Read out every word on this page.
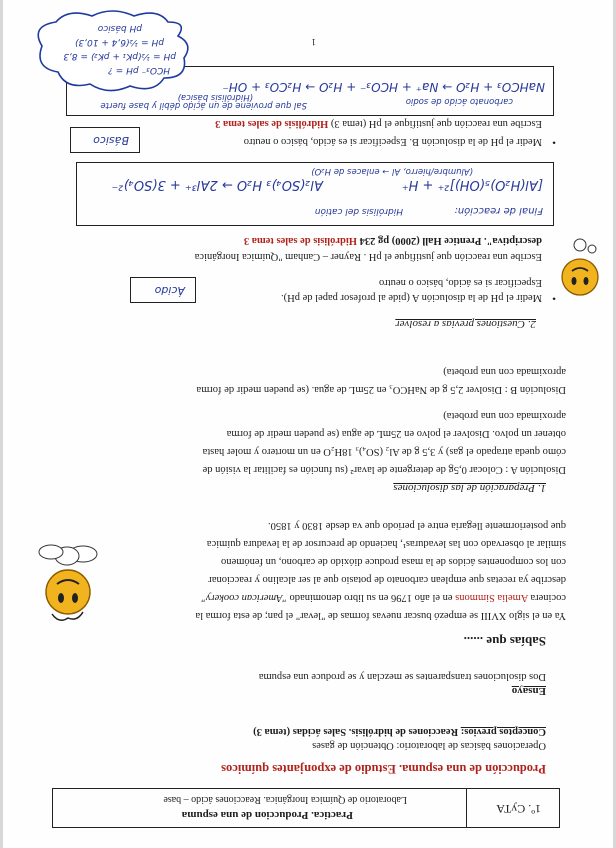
1º. CyTA
Practica. Produccion de una espuma
Laboratorio de Química Inorgánica. Reacciones ácido – base
Producción de una espuma. Estudio de exponjantes químicos
Operaciones básicas de laboratorio: Obtención de gases
Conceptos previos: Reacciones de hidrólisis. Sales ácidas (tema 3)
Ensayo
Dos disoluciones transparentes se mezclan y se produce una espuma
Sabías que ......
Ya en el siglo XVIII se empezó buscar nuevas formas de "levar" el pan; de esta forma la
cocinera Amelia Simmons en el año 1796 en su libro denominado "American cookery"
describe ya recetas que emplean carbonato de potasio que al ser alcalino y reaccionar
con los componentes ácidos de la masa produce dióxido de carbono, un fenómeno
similar al observado con las levaduras¹, haciendo de precursor de la levadura química
que posteriormente llegaría entre el periodo que va desde 1830 y 1850.
1. Preparación de las disoluciones
Disolución A : Colocar 0,5g de detergente de lavar² (su función es facilitar la visión de
cómo queda atrapado el gas) y 3,5 g de Al₂ (SO₄)₃ 18H₂O en un mortero y moler hasta
obtener un polvo. Disolver el polvo en 25mL de agua (se pueden medir de forma
aproximada con una probeta)
Disolución B : Disolver 2,5 g de NaHCO₃ en 25mL de agua. (se pueden medir de forma
aproximada con una probeta)
2. Cuestiones previas a resolver
•
Medir el pH de la disolución A (pide al profesor papel de pH).
Especificar si es ácido, básico o neutro
Ácido
Escribe una reacción que justifique el pH . Rayner – Canham "Química Inorgánica
descriptiva". Prentice Hall (2000) pg 234 Hidrólisis de sales tema 3
Final de reacción:
[Al(H₂O)₅(OH)]²⁺ + H⁺
Al₂(SO₄)₃ H₂O → 2Al³⁺ + 3(SO₄)²⁻
Hidrólisis del catión
(Alumbre/hierro, Al → enlaces de H₂O)
•
Medir el pH de la disolución B. Especificar si es ácido, básico o neutro
Básico
Escribe una reacción que justifique el pH (tema 3) Hidrólisis de sales tema 3
NaHCO₃ + H₂O → Na⁺ + HCO₃⁻ + H₂O → H₂CO₃ + OH⁻
Sal que proviene de un ácido débil y base fuerte
(Hidrólisis básica)	carbonato ácido de sodio
HCO₃⁻ pH = ?
pH = ½(pK₁ + pK₂) = 8,3
pH = ½(6,4 + 10,3)
pH básico
1
